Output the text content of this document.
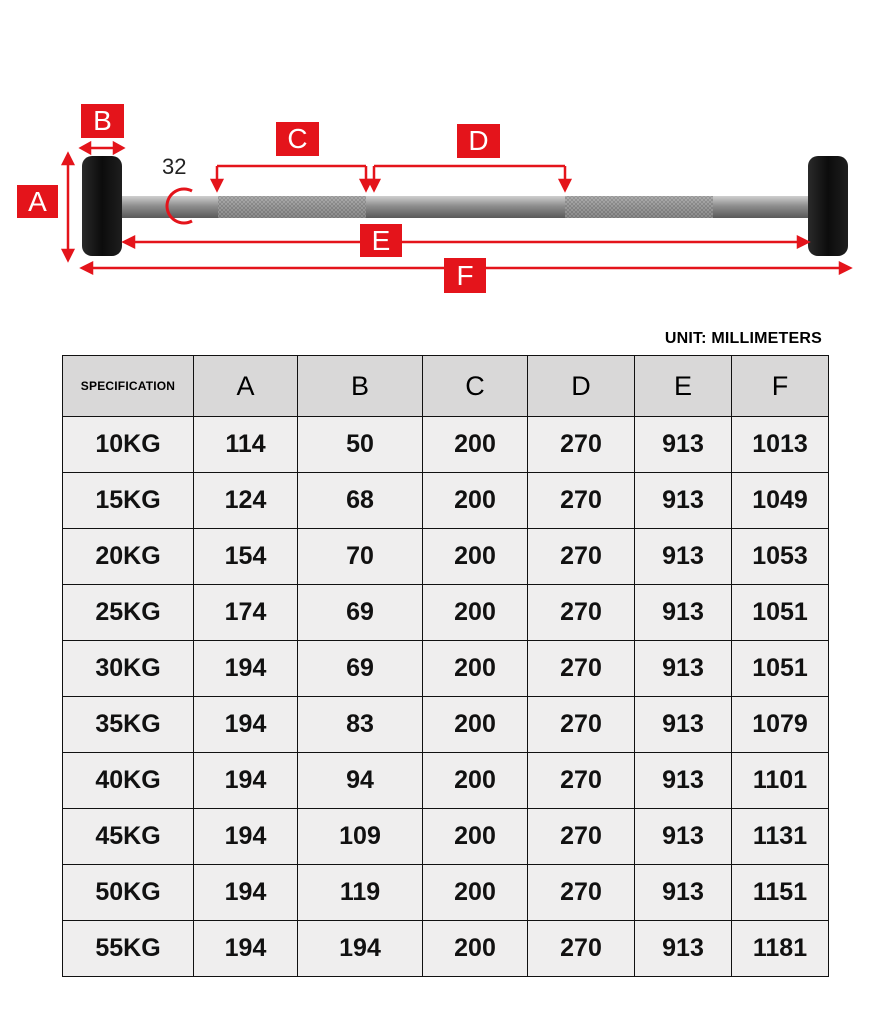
A
B
C	D
E
F
32
UNIT: MILLIMETERS
SPECIFICATION	A	B	C	D	E	F
10KG	114	50	200	270	913	1013
15KG	124	68	200	270	913	1049
20KG	154	70	200	270	913	1053
25KG	174	69	200	270	913	1051
30KG	194	69	200	270	913	1051
35KG	194	83	200	270	913	1079
40KG	194	94	200	270	913	1101
45KG	194	109	200	270	913	1131
50KG	194	119	200	270	913	1151
55KG	194	194	200	270	913	1181
